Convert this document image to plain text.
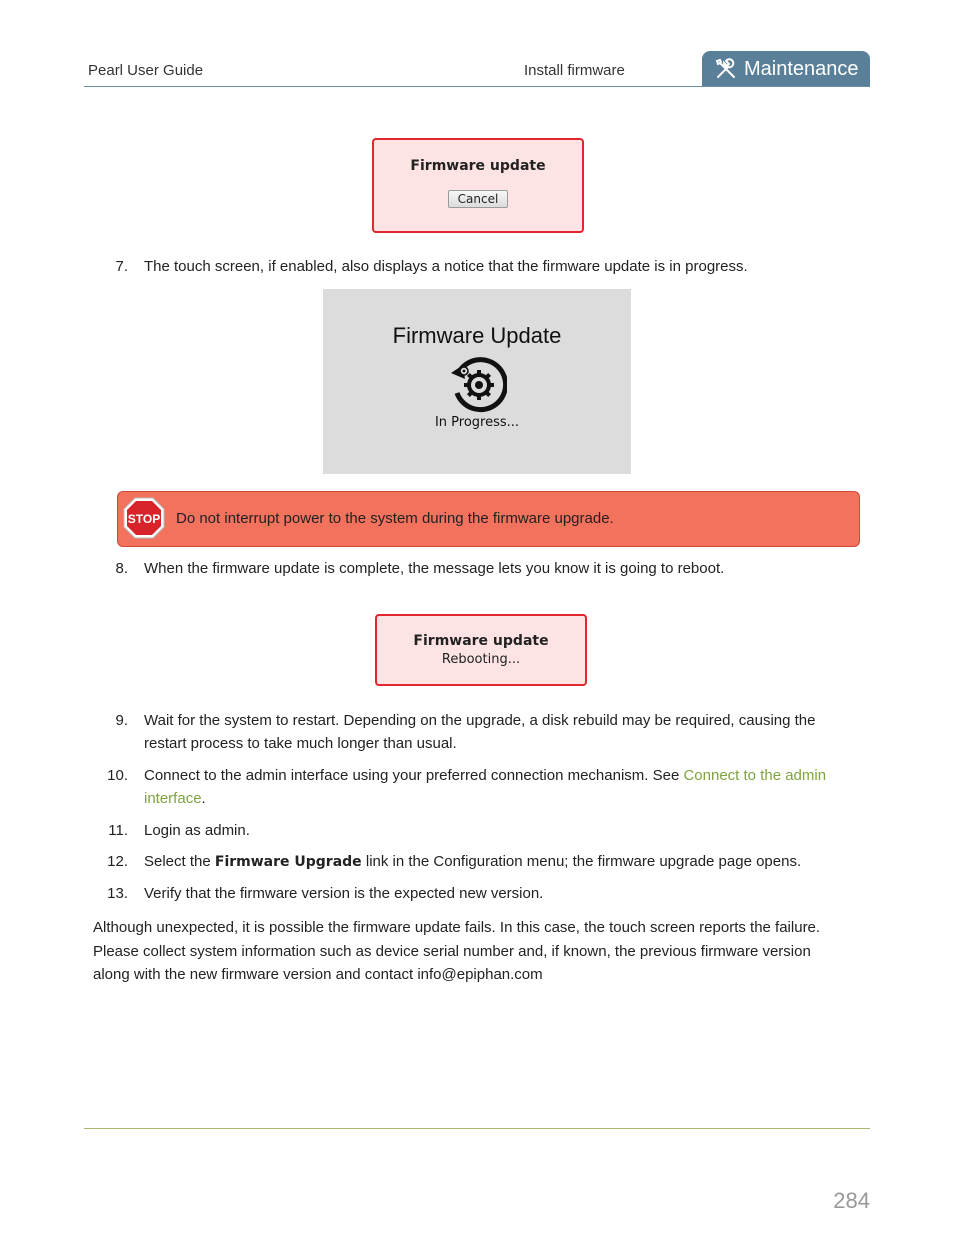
Pearl User Guide	Install firmware	Maintenance
Firmware update
Cancel
7. The touch screen, if enabled, also displays a notice that the firmware update is in progress.
Firmware Update
In Progress...
STOP Do not interrupt power to the system during the firmware upgrade.
8. When the firmware update is complete, the message lets you know it is going to reboot.
Firmware update
Rebooting...
9. Wait for the system to restart. Depending on the upgrade, a disk rebuild may be required, causing the
restart process to take much longer than usual.
10. Connect to the admin interface using your preferred connection mechanism. See Connect to the admin
interface.
11. Login as admin.
12. Select the Firmware Upgrade link in the Configuration menu; the firmware upgrade page opens.
13. Verify that the firmware version is the expected new version.
Although unexpected, it is possible the firmware update fails. In this case, the touch screen reports the failure.
Please collect system information such as device serial number and, if known, the previous firmware version
along with the new firmware version and contact info@epiphan.com
284
